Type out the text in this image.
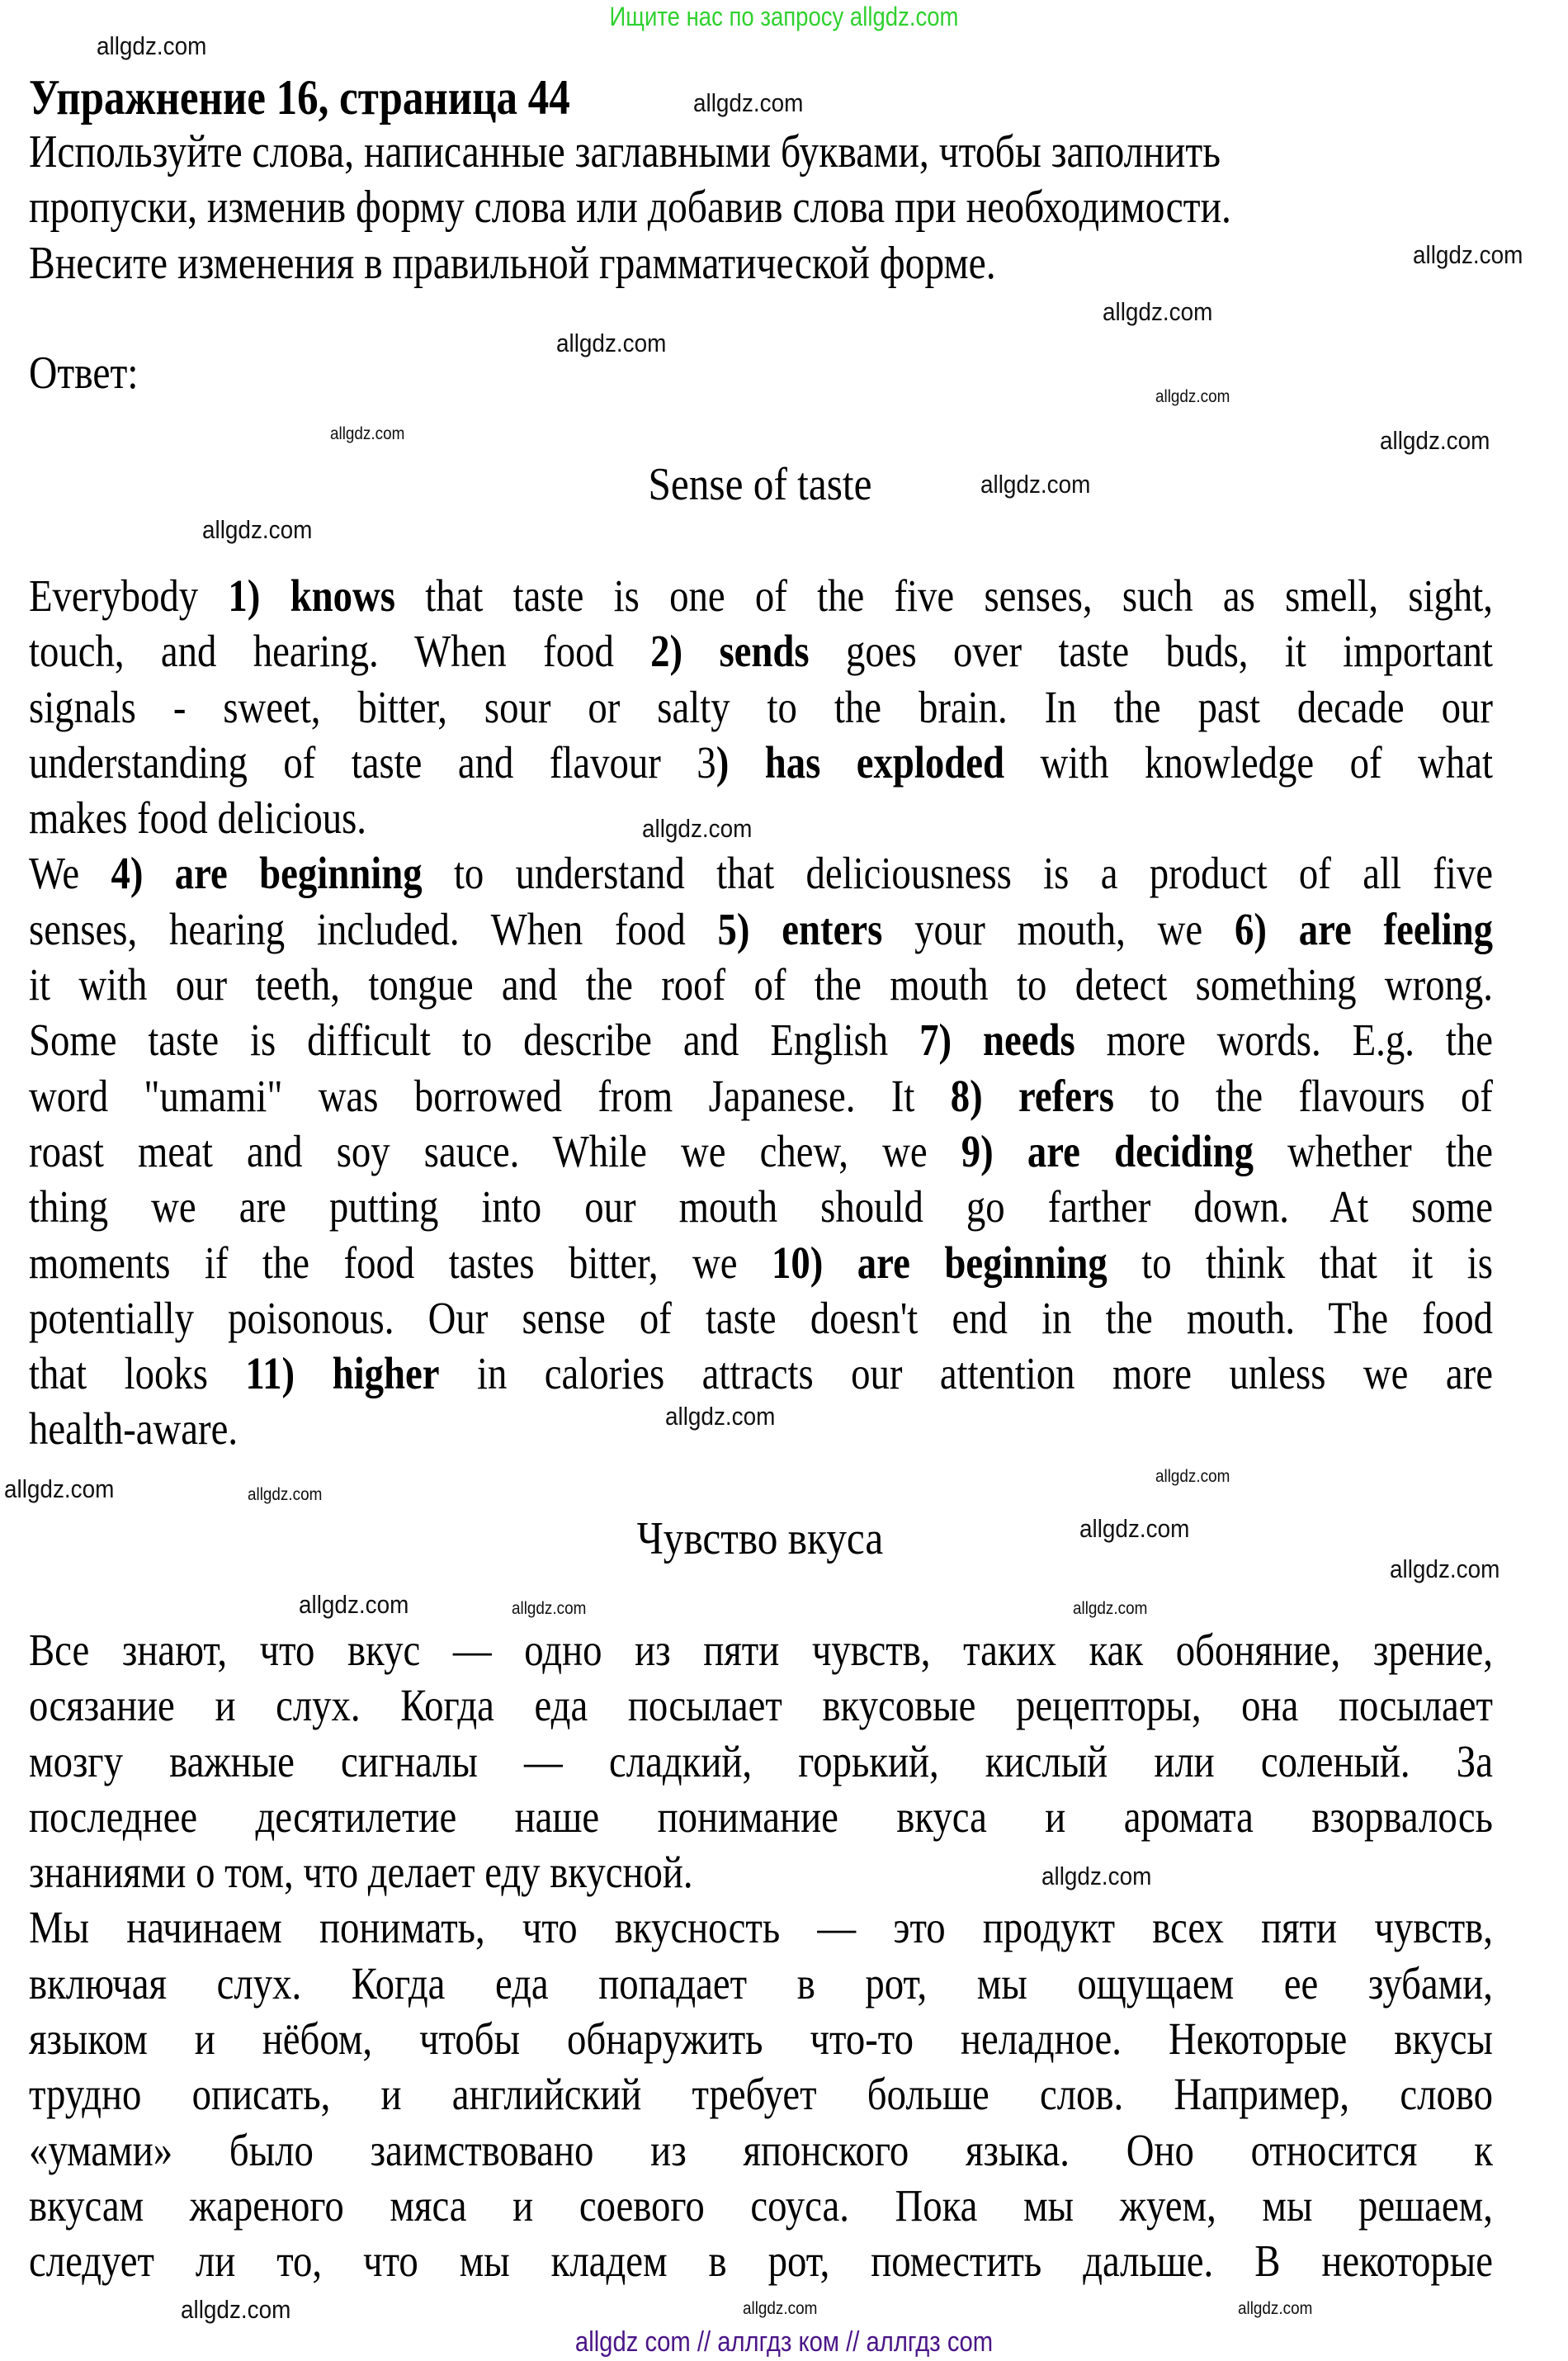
Ищите нас по запросу allgdz.com
Упражнение 16, страница 44
Используйте слова, написанные заглавными буквами, чтобы заполнить
пропуски, изменив форму слова или добавив слова при необходимости.
Внесите изменения в правильной грамматической форме.
Ответ:
Sense of taste
Everybody 1) knows that taste is one of the five senses, such as smell, sight,
touch, and hearing. When food 2) sends goes over taste buds, it important
signals - sweet, bitter, sour or salty to the brain. In the past decade our
understanding of taste and flavour 3) has exploded with knowledge of what
makes food delicious.
We 4) are beginning to understand that deliciousness is a product of all five
senses, hearing included. When food 5) enters your mouth, we 6) are feeling
it with our teeth, tongue and the roof of the mouth to detect something wrong.
Some taste is difficult to describe and English 7) needs more words. E.g. the
word "umami" was borrowed from Japanese. It 8) refers to the flavours of
roast meat and soy sauce. While we chew, we 9) are deciding whether the
thing we are putting into our mouth should go farther down. At some
moments if the food tastes bitter, we 10) are beginning to think that it is
potentially poisonous. Our sense of taste doesn't end in the mouth. The food
that looks 11) higher in calories attracts our attention more unless we are
health-aware.
Чувство вкуса
Все знают, что вкус — одно из пяти чувств, таких как обоняние, зрение,
осязание и слух. Когда еда посылает вкусовые рецепторы, она посылает
мозгу важные сигналы — сладкий, горький, кислый или соленый. За
последнее десятилетие наше понимание вкуса и аромата взорвалось
знаниями о том, что делает еду вкусной.
Мы начинаем понимать, что вкусность — это продукт всех пяти чувств,
включая слух. Когда еда попадает в рот, мы ощущаем ее зубами,
языком и нёбом, чтобы обнаружить что-то неладное. Некоторые вкусы
трудно описать, и английский требует больше слов. Например, слово
«умами» было заимствовано из японского языка. Оно относится к
вкусам жареного мяса и соевого соуса. Пока мы жуем, мы решаем,
следует ли то, что мы кладем в рот, поместить дальше. В некоторые
allgdz.com
allgdz.com
allgdz.com
allgdz.com
allgdz.com
allgdz.com
allgdz.com
allgdz.com
allgdz.com
allgdz.com
allgdz.com
allgdz.com
allgdz.com
allgdz.com
allgdz.com
allgdz.com
allgdz.com
allgdz.com
allgdz.com
allgdz.com
allgdz.com
allgdz.com
allgdz.com
allgdz.com
allgdz com // аллгдз ком // аллгдз com
